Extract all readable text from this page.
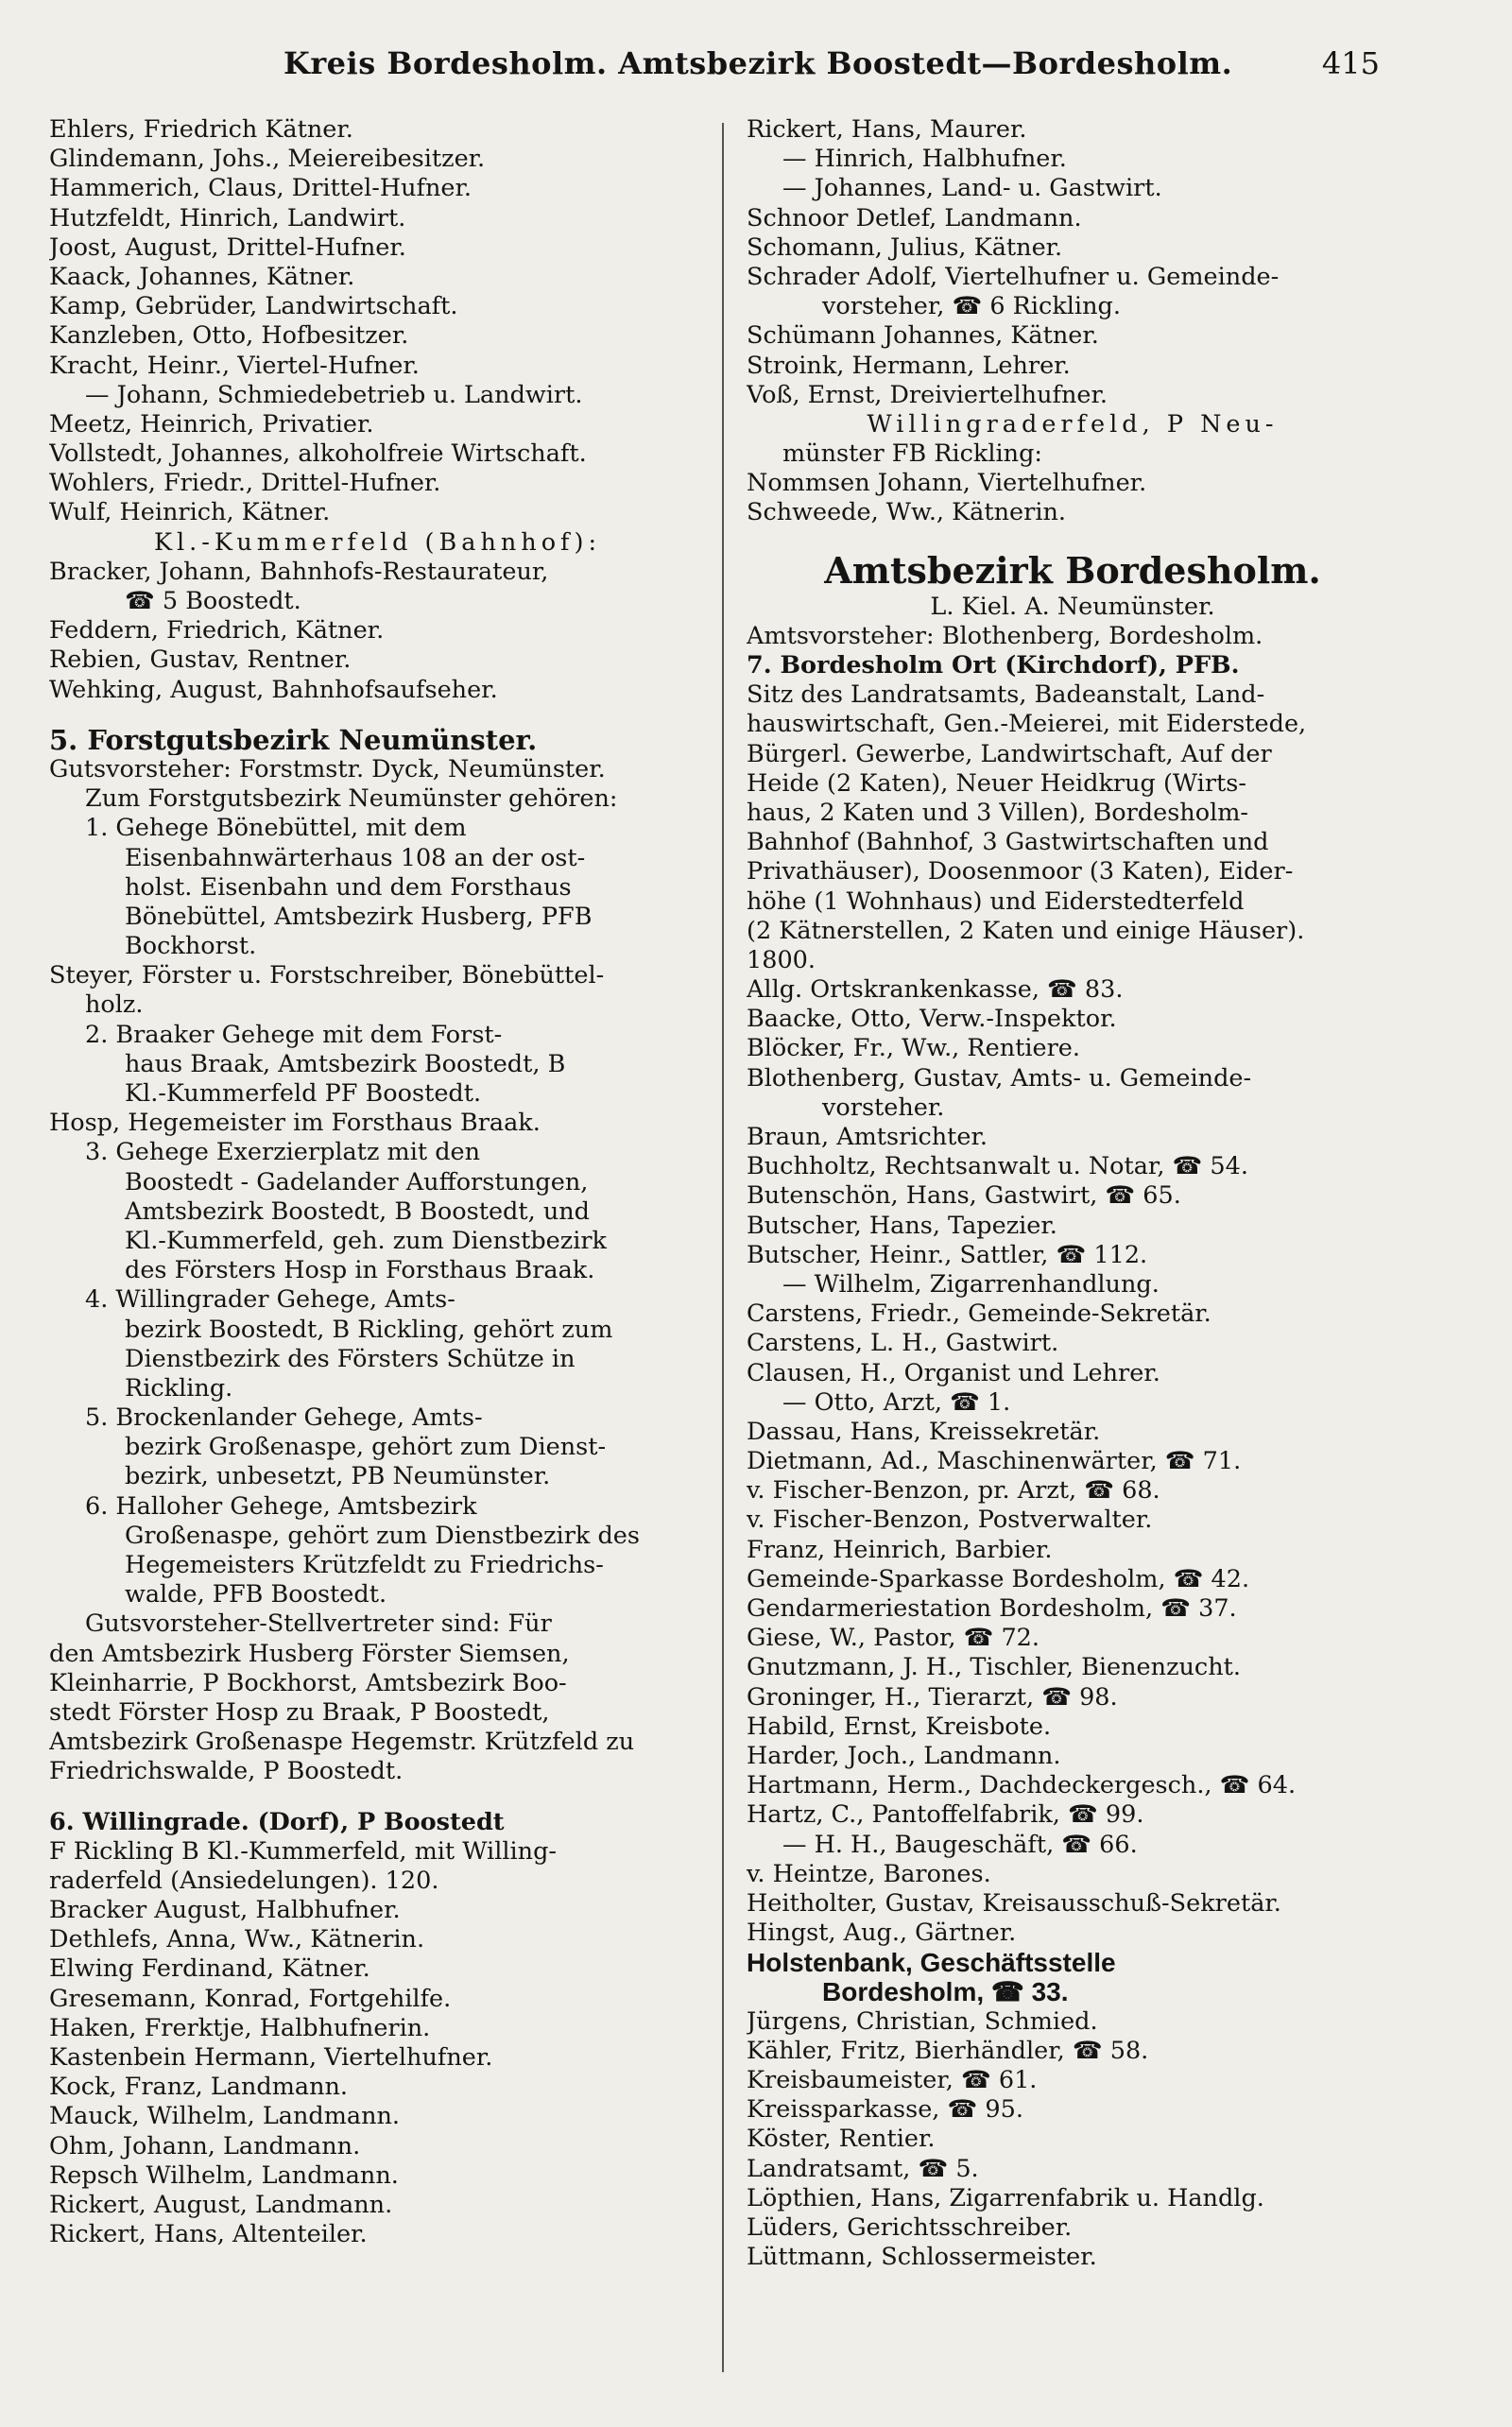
Kreis Bordesholm. Amtsbezirk Boostedt—Bordesholm.	415
Ehlers, Friedrich Kätner.
Glindemann, Johs., Meiereibesitzer.
Hammerich, Claus, Drittel-Hufner.
Hutzfeldt, Hinrich, Landwirt.
Joost, August, Drittel-Hufner.
Kaack, Johannes, Kätner.
Kamp, Gebrüder, Landwirtschaft.
Kanzleben, Otto, Hofbesitzer.
Kracht, Heinr., Viertel-Hufner.
— Johann, Schmiedebetrieb u. Landwirt.
Meetz, Heinrich, Privatier.
Vollstedt, Johannes, alkoholfreie Wirtschaft.
Wohlers, Friedr., Drittel-Hufner.
Wulf, Heinrich, Kätner.
Kl.-Kummerfeld (Bahnhof):
Bracker, Johann, Bahnhofs-Restaurateur,
☎ 5 Boostedt.
Feddern, Friedrich, Kätner.
Rebien, Gustav, Rentner.
Wehking, August, Bahnhofsaufseher.
5. Forstgutsbezirk Neumünster.
Gutsvorsteher: Forstmstr. Dyck, Neumünster.
Zum Forstgutsbezirk Neumünster gehören:
1. Gehege Bönebüttel, mit dem
Eisenbahnwärterhaus 108 an der ost-
holst. Eisenbahn und dem Forsthaus
Bönebüttel, Amtsbezirk Husberg, PFB
Bockhorst.
Steyer, Förster u. Forstschreiber, Bönebüttel-
holz.
2. Braaker Gehege mit dem Forst-
haus Braak, Amtsbezirk Boostedt, B
Kl.-Kummerfeld PF Boostedt.
Hosp, Hegemeister im Forsthaus Braak.
3. Gehege Exerzierplatz mit den
Boostedt - Gadelander Aufforstungen,
Amtsbezirk Boostedt, B Boostedt, und
Kl.-Kummerfeld, geh. zum Dienstbezirk
des Försters Hosp in Forsthaus Braak.
4. Willingrader Gehege, Amts-
bezirk Boostedt, B Rickling, gehört zum
Dienstbezirk des Försters Schütze in
Rickling.
5. Brockenlander Gehege, Amts-
bezirk Großenaspe, gehört zum Dienst-
bezirk, unbesetzt, PB Neumünster.
6. Halloher Gehege, Amtsbezirk
Großenaspe, gehört zum Dienstbezirk des
Hegemeisters Krützfeldt zu Friedrichs-
walde, PFB Boostedt.
Gutsvorsteher-Stellvertreter sind: Für
den Amtsbezirk Husberg Förster Siemsen,
Kleinharrie, P Bockhorst, Amtsbezirk Boo-
stedt Förster Hosp zu Braak, P Boostedt,
Amtsbezirk Großenaspe Hegemstr. Krützfeld zu
Friedrichswalde, P Boostedt.
6. Willingrade. (Dorf), P Boostedt
F Rickling B Kl.-Kummerfeld, mit Willing-
raderfeld (Ansiedelungen). 120.
Bracker August, Halbhufner.
Dethlefs, Anna, Ww., Kätnerin.
Elwing Ferdinand, Kätner.
Gresemann, Konrad, Fortgehilfe.
Haken, Frerktje, Halbhufnerin.
Kastenbein Hermann, Viertelhufner.
Kock, Franz, Landmann.
Mauck, Wilhelm, Landmann.
Ohm, Johann, Landmann.
Repsch Wilhelm, Landmann.
Rickert, August, Landmann.
Rickert, Hans, Altenteiler.
Rickert, Hans, Maurer.
— Hinrich, Halbhufner.
— Johannes, Land- u. Gastwirt.
Schnoor Detlef, Landmann.
Schomann, Julius, Kätner.
Schrader Adolf, Viertelhufner u. Gemeinde-
vorsteher, ☎ 6 Rickling.
Schümann Johannes, Kätner.
Stroink, Hermann, Lehrer.
Voß, Ernst, Dreiviertelhufner.
Willingraderfeld, P Neu-
münster FB Rickling:
Nommsen Johann, Viertelhufner.
Schweede, Ww., Kätnerin.
Amtsbezirk Bordesholm.
L. Kiel. A. Neumünster.
Amtsvorsteher: Blothenberg, Bordesholm.
7. Bordesholm Ort (Kirchdorf), PFB.
Sitz des Landratsamts, Badeanstalt, Land-
hauswirtschaft, Gen.-Meierei, mit Eiderstede,
Bürgerl. Gewerbe, Landwirtschaft, Auf der
Heide (2 Katen), Neuer Heidkrug (Wirts-
haus, 2 Katen und 3 Villen), Bordesholm-
Bahnhof (Bahnhof, 3 Gastwirtschaften und
Privathäuser), Doosenmoor (3 Katen), Eider-
höhe (1 Wohnhaus) und Eiderstedterfeld
(2 Kätnerstellen, 2 Katen und einige Häuser).
1800.
Allg. Ortskrankenkasse, ☎ 83.
Baacke, Otto, Verw.-Inspektor.
Blöcker, Fr., Ww., Rentiere.
Blothenberg, Gustav, Amts- u. Gemeinde-
vorsteher.
Braun, Amtsrichter.
Buchholtz, Rechtsanwalt u. Notar, ☎ 54.
Butenschön, Hans, Gastwirt, ☎ 65.
Butscher, Hans, Tapezier.
Butscher, Heinr., Sattler, ☎ 112.
— Wilhelm, Zigarrenhandlung.
Carstens, Friedr., Gemeinde-Sekretär.
Carstens, L. H., Gastwirt.
Clausen, H., Organist und Lehrer.
— Otto, Arzt, ☎ 1.
Dassau, Hans, Kreissekretär.
Dietmann, Ad., Maschinenwärter, ☎ 71.
v. Fischer-Benzon, pr. Arzt, ☎ 68.
v. Fischer-Benzon, Postverwalter.
Franz, Heinrich, Barbier.
Gemeinde-Sparkasse Bordesholm, ☎ 42.
Gendarmeriestation Bordesholm, ☎ 37.
Giese, W., Pastor, ☎ 72.
Gnutzmann, J. H., Tischler, Bienenzucht.
Groninger, H., Tierarzt, ☎ 98.
Habild, Ernst, Kreisbote.
Harder, Joch., Landmann.
Hartmann, Herm., Dachdeckergesch., ☎ 64.
Hartz, C., Pantoffelfabrik, ☎ 99.
— H. H., Baugeschäft, ☎ 66.
v. Heintze, Barones.
Heitholter, Gustav, Kreisausschuß-Sekretär.
Hingst, Aug., Gärtner.
Holstenbank, Geschäftsstelle
Bordesholm, ☎ 33.
Jürgens, Christian, Schmied.
Kähler, Fritz, Bierhändler, ☎ 58.
Kreisbaumeister, ☎ 61.
Kreissparkasse, ☎ 95.
Köster, Rentier.
Landratsamt, ☎ 5.
Löpthien, Hans, Zigarrenfabrik u. Handlg.
Lüders, Gerichtsschreiber.
Lüttmann, Schlossermeister.
